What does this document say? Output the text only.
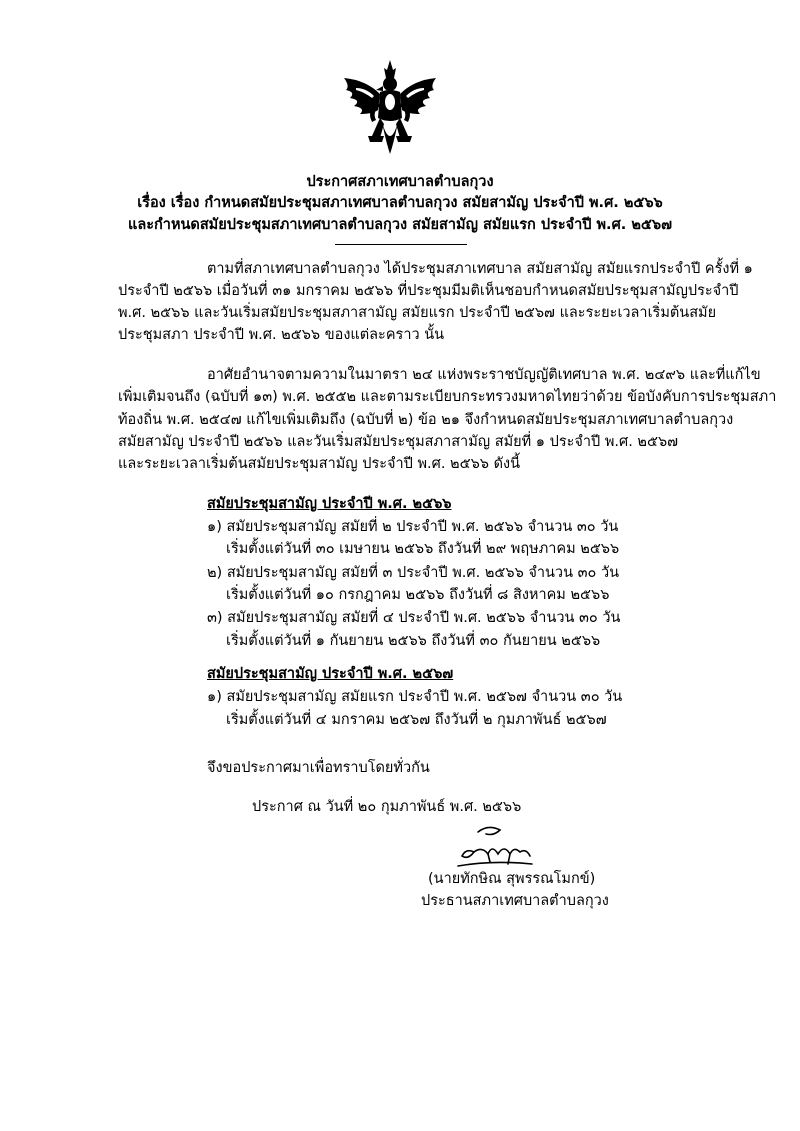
ประกาศสภาเทศบาลตำบลกุวง
เรื่อง เรื่อง กำหนดสมัยประชุมสภาเทศบาลตำบลกุวง สมัยสามัญ ประจำปี พ.ศ. ๒๕๖๖
และกำหนดสมัยประชุมสภาเทศบาลตำบลกุวง สมัยสามัญ สมัยแรก ประจำปี พ.ศ. ๒๕๖๗
ตามที่สภาเทศบาลตำบลกุวง ได้ประชุมสภาเทศบาล สมัยสามัญ สมัยแรกประจำปี ครั้งที่ ๑
ประจำปี ๒๕๖๖ เมื่อวันที่ ๓๑ มกราคม ๒๕๖๖ ที่ประชุมมีมติเห็นชอบกำหนดสมัยประชุมสามัญประจำปี
พ.ศ. ๒๕๖๖ และวันเริ่มสมัยประชุมสภาสามัญ สมัยแรก ประจำปี ๒๕๖๗ และระยะเวลาเริ่มต้นสมัย
ประชุมสภา ประจำปี พ.ศ. ๒๕๖๖ ของแต่ละคราว นั้น
อาศัยอำนาจตามความในมาตรา ๒๔ แห่งพระราชบัญญัติเทศบาล พ.ศ. ๒๔๙๖ และที่แก้ไข
เพิ่มเติมจนถึง (ฉบับที่ ๑๓) พ.ศ. ๒๕๕๒ และตามระเบียบกระทรวงมหาดไทยว่าด้วย ข้อบังคับการประชุมสภา
ท้องถิ่น พ.ศ. ๒๕๔๗ แก้ไขเพิ่มเติมถึง (ฉบับที่ ๒) ข้อ ๒๑ จึงกำหนดสมัยประชุมสภาเทศบาลตำบลกุวง
สมัยสามัญ ประจำปี ๒๕๖๖ และวันเริ่มสมัยประชุมสภาสามัญ สมัยที่ ๑ ประจำปี พ.ศ. ๒๕๖๗
และระยะเวลาเริ่มต้นสมัยประชุมสามัญ ประจำปี พ.ศ. ๒๕๖๖ ดังนี้
สมัยประชุมสามัญ ประจำปี พ.ศ. ๒๕๖๖
๑) สมัยประชุมสามัญ สมัยที่ ๒ ประจำปี พ.ศ. ๒๕๖๖ จำนวน ๓๐ วัน
เริ่มตั้งแต่วันที่ ๓๐ เมษายน ๒๕๖๖ ถึงวันที่ ๒๙ พฤษภาคม ๒๕๖๖
๒) สมัยประชุมสามัญ สมัยที่ ๓ ประจำปี พ.ศ. ๒๕๖๖ จำนวน ๓๐ วัน
เริ่มตั้งแต่วันที่ ๑๐ กรกฎาคม ๒๕๖๖ ถึงวันที่ ๘ สิงหาคม ๒๕๖๖
๓) สมัยประชุมสามัญ สมัยที่ ๔ ประจำปี พ.ศ. ๒๕๖๖ จำนวน ๓๐ วัน
เริ่มตั้งแต่วันที่ ๑ กันยายน ๒๕๖๖ ถึงวันที่ ๓๐ กันยายน ๒๕๖๖
สมัยประชุมสามัญ ประจำปี พ.ศ. ๒๕๖๗
๑) สมัยประชุมสามัญ สมัยแรก ประจำปี พ.ศ. ๒๕๖๗ จำนวน ๓๐ วัน
เริ่มตั้งแต่วันที่ ๔ มกราคม ๒๕๖๗ ถึงวันที่ ๒ กุมภาพันธ์ ๒๕๖๗
จึงขอประกาศมาเพื่อทราบโดยทั่วกัน
ประกาศ ณ วันที่ ๒๐ กุมภาพันธ์ พ.ศ. ๒๕๖๖
(นายทักษิณ สุพรรณโมกข์)
ประธานสภาเทศบาลตำบลกุวง
